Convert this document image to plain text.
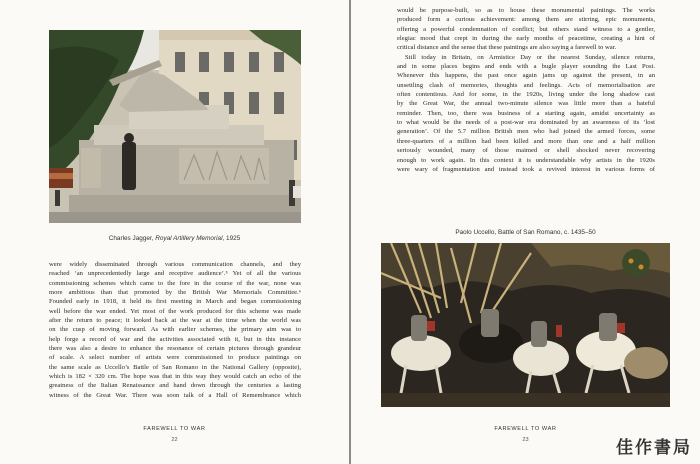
Charles Jagger, Royal Artillery Memorial, 1925
were widely disseminated through various communication channels, and they
reached ‘an unprecedentedly large and receptive audience’.⁵ Yet of all the various
commissioning schemes which came to the fore in the course of the war, none was
more ambitious than that promoted by the British War Memorials Committee.⁶
Founded early in 1918, it held its first meeting in March and began commissioning
well before the war ended. Yet most of the work produced for this scheme was made
after the return to peace; it looked back at the war at the time when the world was
on the cusp of moving forward. As with earlier schemes, the primary aim was to
help forge a record of war and the activities associated with it, but in this instance
there was also a desire to enhance the resonance of certain pictures through grandeur
of scale. A select number of artists were commissioned to produce paintings on
the same scale as Uccello’s Battle of San Romano in the National Gallery (opposite),
which is 182 × 320 cm. The hope was that in this way they would catch an echo of the
greatness of the Italian Renaissance and hand down through the centuries a lasting
witness of the Great War. There was soon talk of a Hall of Remembrance which
FAREWELL TO WAR
22
would be purpose-built, so as to house these monumental paintings. The works
produced form a curious achievement: among them are stirring, epic monuments,
offering a powerful condemnation of conflict; but others stand witness to a gentler,
elegiac mood that crept in during the early months of peacetime, creating a hint of
critical distance and the sense that these paintings are also saying a farewell to war.
Still today in Britain, on Armistice Day or the nearest Sunday, silence returns,
and in some places begins and ends with a bugle player sounding the Last Post.
Whenever this happens, the past once again jams up against the present, in an
unsettling clash of memories, thoughts and feelings. Acts of memorialisation are
often contentious. And for some, in the 1920s, living under the long shadow cast
by the Great War, the annual two-minute silence was little more than a hateful
reminder. Then, too, there was business of a starting again, amidst uncertainty as
to what would be the needs of a post-war era dominated by an awareness of its ‘lost
generation’. Of the 5.7 million British men who had joined the armed forces, some
three-quarters of a million had been killed and more than one and a half million
seriously wounded, many of those maimed or shell shocked never recovering
enough to work again. In this context it is understandable why artists in the 1920s
were wary of fragmentation and instead took a revived interest in various forms of
Paolo Uccello, Battle of San Romano, c. 1435–50
FAREWELL TO WAR
23	佳作書局
